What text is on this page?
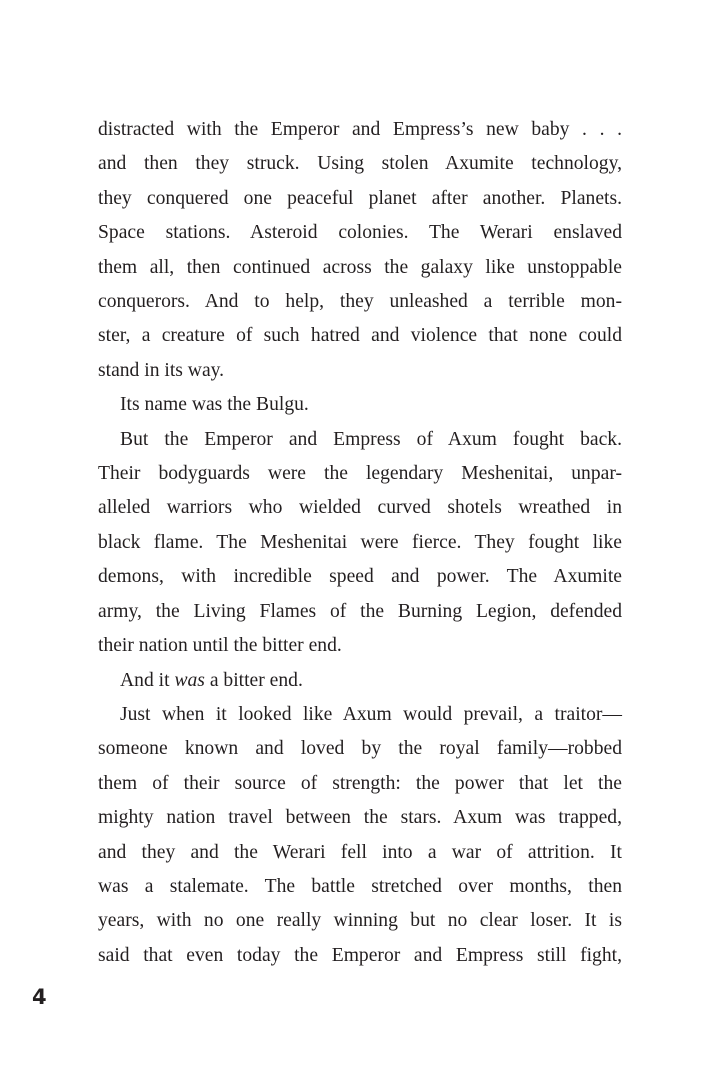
distracted with the Emperor and Empress’s new baby . . .
and then they struck. Using stolen Axumite technology,
they conquered one peaceful planet after another. Planets.
Space stations. Asteroid colonies. The Werari enslaved
them all, then continued across the galaxy like unstoppable
conquerors. And to help, they unleashed a terrible mon-
ster, a creature of such hatred and violence that none could
stand in its way.
Its name was the Bulgu.
But the Emperor and Empress of Axum fought back.
Their bodyguards were the legendary Meshenitai, unpar-
alleled warriors who wielded curved shotels wreathed in
black flame. The Meshenitai were fierce. They fought like
demons, with incredible speed and power. The Axumite
army, the Living Flames of the Burning Legion, defended
their nation until the bitter end.
And it was a bitter end.
Just when it looked like Axum would prevail, a traitor—
someone known and loved by the royal family—robbed
them of their source of strength: the power that let the
mighty nation travel between the stars. Axum was trapped,
and they and the Werari fell into a war of attrition. It
was a stalemate. The battle stretched over months, then
years, with no one really winning but no clear loser. It is
said that even today the Emperor and Empress still fight,
4
